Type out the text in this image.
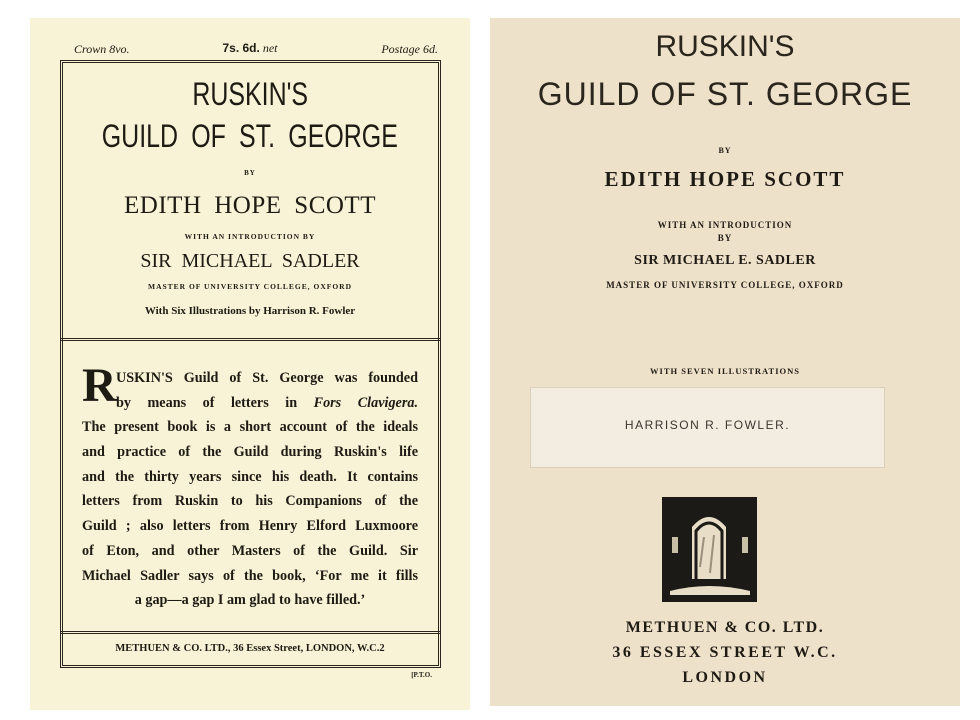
Crown 8vo.	7s. 6d. net	Postage 6d.
RUSKIN'S
GUILD OF ST. GEORGE
BY
EDITH HOPE SCOTT
WITH AN INTRODUCTION BY
SIR MICHAEL SADLER
MASTER OF UNIVERSITY COLLEGE, OXFORD
With Six Illustrations by Harrison R. Fowler
R USKIN'S Guild of St. George was founded
by means of letters in Fors Clavigera.
The present book is a short account of the ideals
and practice of the Guild during Ruskin's life
and the thirty years since his death. It contains
letters from Ruskin to his Companions of the
Guild ; also letters from Henry Elford Luxmoore
of Eton, and other Masters of the Guild. Sir
Michael Sadler says of the book, ‘For me it fills
a gap—a gap I am glad to have filled.’
METHUEN & CO. LTD., 36 Essex Street, LONDON, W.C.2
[P.T.O.
RUSKIN'S
GUILD OF ST. GEORGE
BY
EDITH HOPE SCOTT
WITH AN INTRODUCTION
BY
SIR MICHAEL E. SADLER
MASTER OF UNIVERSITY COLLEGE, OXFORD
WITH SEVEN ILLUSTRATIONS
HARRISON R. FOWLER.
METHUEN & CO. LTD.
36 ESSEX STREET W.C.
LONDON
